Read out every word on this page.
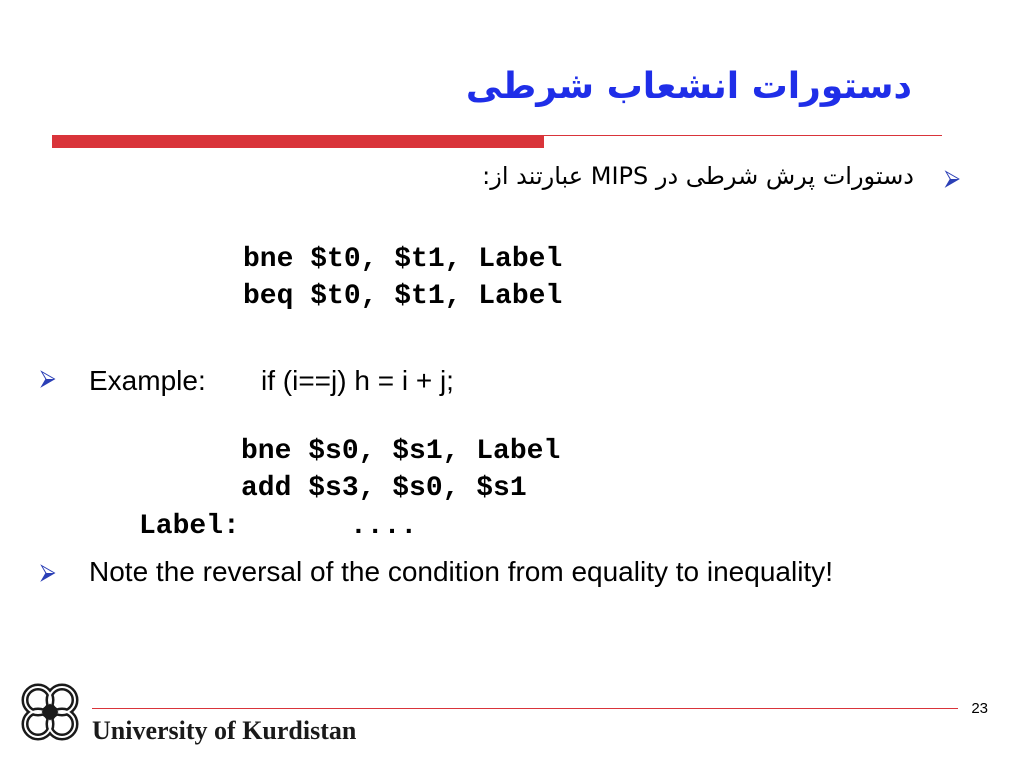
دستورات انشعاب شرطی
⮚
دستورات پرش شرطی در MIPS عبارتند از:
bne $t0, $t1, Label
beq $t0, $t1, Label
⮚ Example: if (i==j) h = i + j;
bne $s0, $s1, Label
add $s3, $s0, $s1
Label:	....
⮚ Note the reversal of the condition from equality to inequality!
University of Kurdistan
23
